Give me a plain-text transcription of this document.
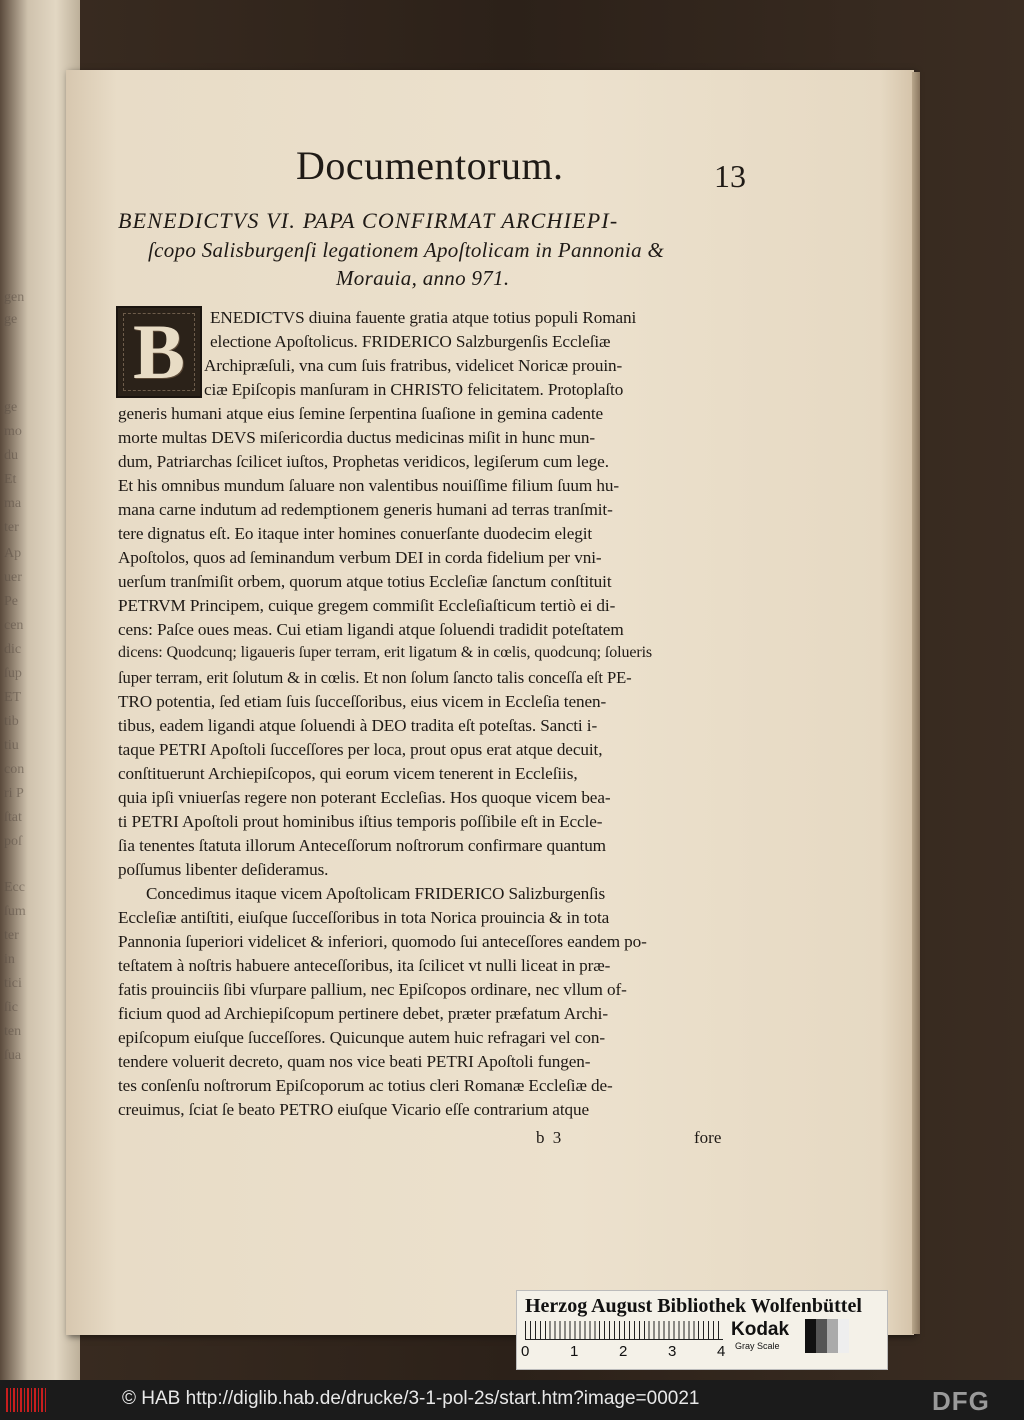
gen
ge
ge
mo
du
Et
ma
ter
Ap
uer
Pe
cen
dic
ſup
ET
tib
tiu
con
ri P
ſtat
poſ
Ecc
ſum
ter
in
tici
ſic
ten
ſua
Documentorum.	13
BENEDICTVS VI. PAPA CONFIRMAT ARCHIEPI-
ſcopo Salisburgenſi legationem Apoſtolicam in Pannonia &
Morauia, anno 971.
B ENEDICTVS diuina fauente gratia atque totius populi Romani
electione Apoſtolicus. FRIDERICO Salzburgenſis Eccleſiæ
Archipræſuli, vna cum ſuis fratribus, videlicet Noricæ prouin-
ciæ Epiſcopis manſuram in CHRISTO felicitatem. Protoplaſto
generis humani atque eius ſemine ſerpentina ſuaſione in gemina cadente
morte multas DEVS miſericordia ductus medicinas miſit in hunc mun-
dum, Patriarchas ſcilicet iuſtos, Prophetas veridicos, legiſerum cum lege.
Et his omnibus mundum ſaluare non valentibus nouiſſime filium ſuum hu-
mana carne indutum ad redemptionem generis humani ad terras tranſmit-
tere dignatus eſt. Eo itaque inter homines conuerſante duodecim elegit
Apoſtolos, quos ad ſeminandum verbum DEI in corda fidelium per vni-
uerſum tranſmiſit orbem, quorum atque totius Eccleſiæ ſanctum conſtituit
PETRVM Principem, cuique gregem commiſit Eccleſiaſticum tertiò ei di-
cens: Paſce oues meas. Cui etiam ligandi atque ſoluendi tradidit poteſtatem
dicens: Quodcunq; ligaueris ſuper terram, erit ligatum & in cœlis, quodcunq; ſolueris
ſuper terram, erit ſolutum & in cœlis. Et non ſolum ſancto talis conceſſa eſt PE-
TRO potentia, ſed etiam ſuis ſucceſſoribus, eius vicem in Eccleſia tenen-
tibus, eadem ligandi atque ſoluendi à DEO tradita eſt poteſtas. Sancti i-
taque PETRI Apoſtoli ſucceſſores per loca, prout opus erat atque decuit,
conſtituerunt Archiepiſcopos, qui eorum vicem tenerent in Eccleſiis,
quia ipſi vniuerſas regere non poterant Eccleſias. Hos quoque vicem bea-
ti PETRI Apoſtoli prout hominibus iſtius temporis poſſibile eſt in Eccle-
ſia tenentes ſtatuta illorum Anteceſſorum noſtrorum confirmare quantum
poſſumus libenter deſideramus.
Concedimus itaque vicem Apoſtolicam FRIDERICO Salizburgenſis
Eccleſiæ antiſtiti, eiuſque ſucceſſoribus in tota Norica prouincia & in tota
Pannonia ſuperiori videlicet & inferiori, quomodo ſui anteceſſores eandem po-
teſtatem à noſtris habuere anteceſſoribus, ita ſcilicet vt nulli liceat in præ-
fatis prouinciis ſibi vſurpare pallium, nec Epiſcopos ordinare, nec vllum of-
ficium quod ad Archiepiſcopum pertinere debet, præter præfatum Archi-
epiſcopum eiuſque ſucceſſores. Quicunque autem huic refragari vel con-
tendere voluerit decreto, quam nos vice beati PETRI Apoſtoli fungen-
tes conſenſu noſtrorum Epiſcoporum ac totius cleri Romanæ Eccleſiæ de-
creuimus, ſciat ſe beato PETRO eiuſque Vicario eſſe contrarium atque
b 3	fore
Herzog August Bibliothek Wolfenbüttel
0	1	2	3	4
Kodak
Gray Scale
© HAB http://diglib.hab.de/drucke/3-1-pol-2s/start.htm?image=00021	DFG
